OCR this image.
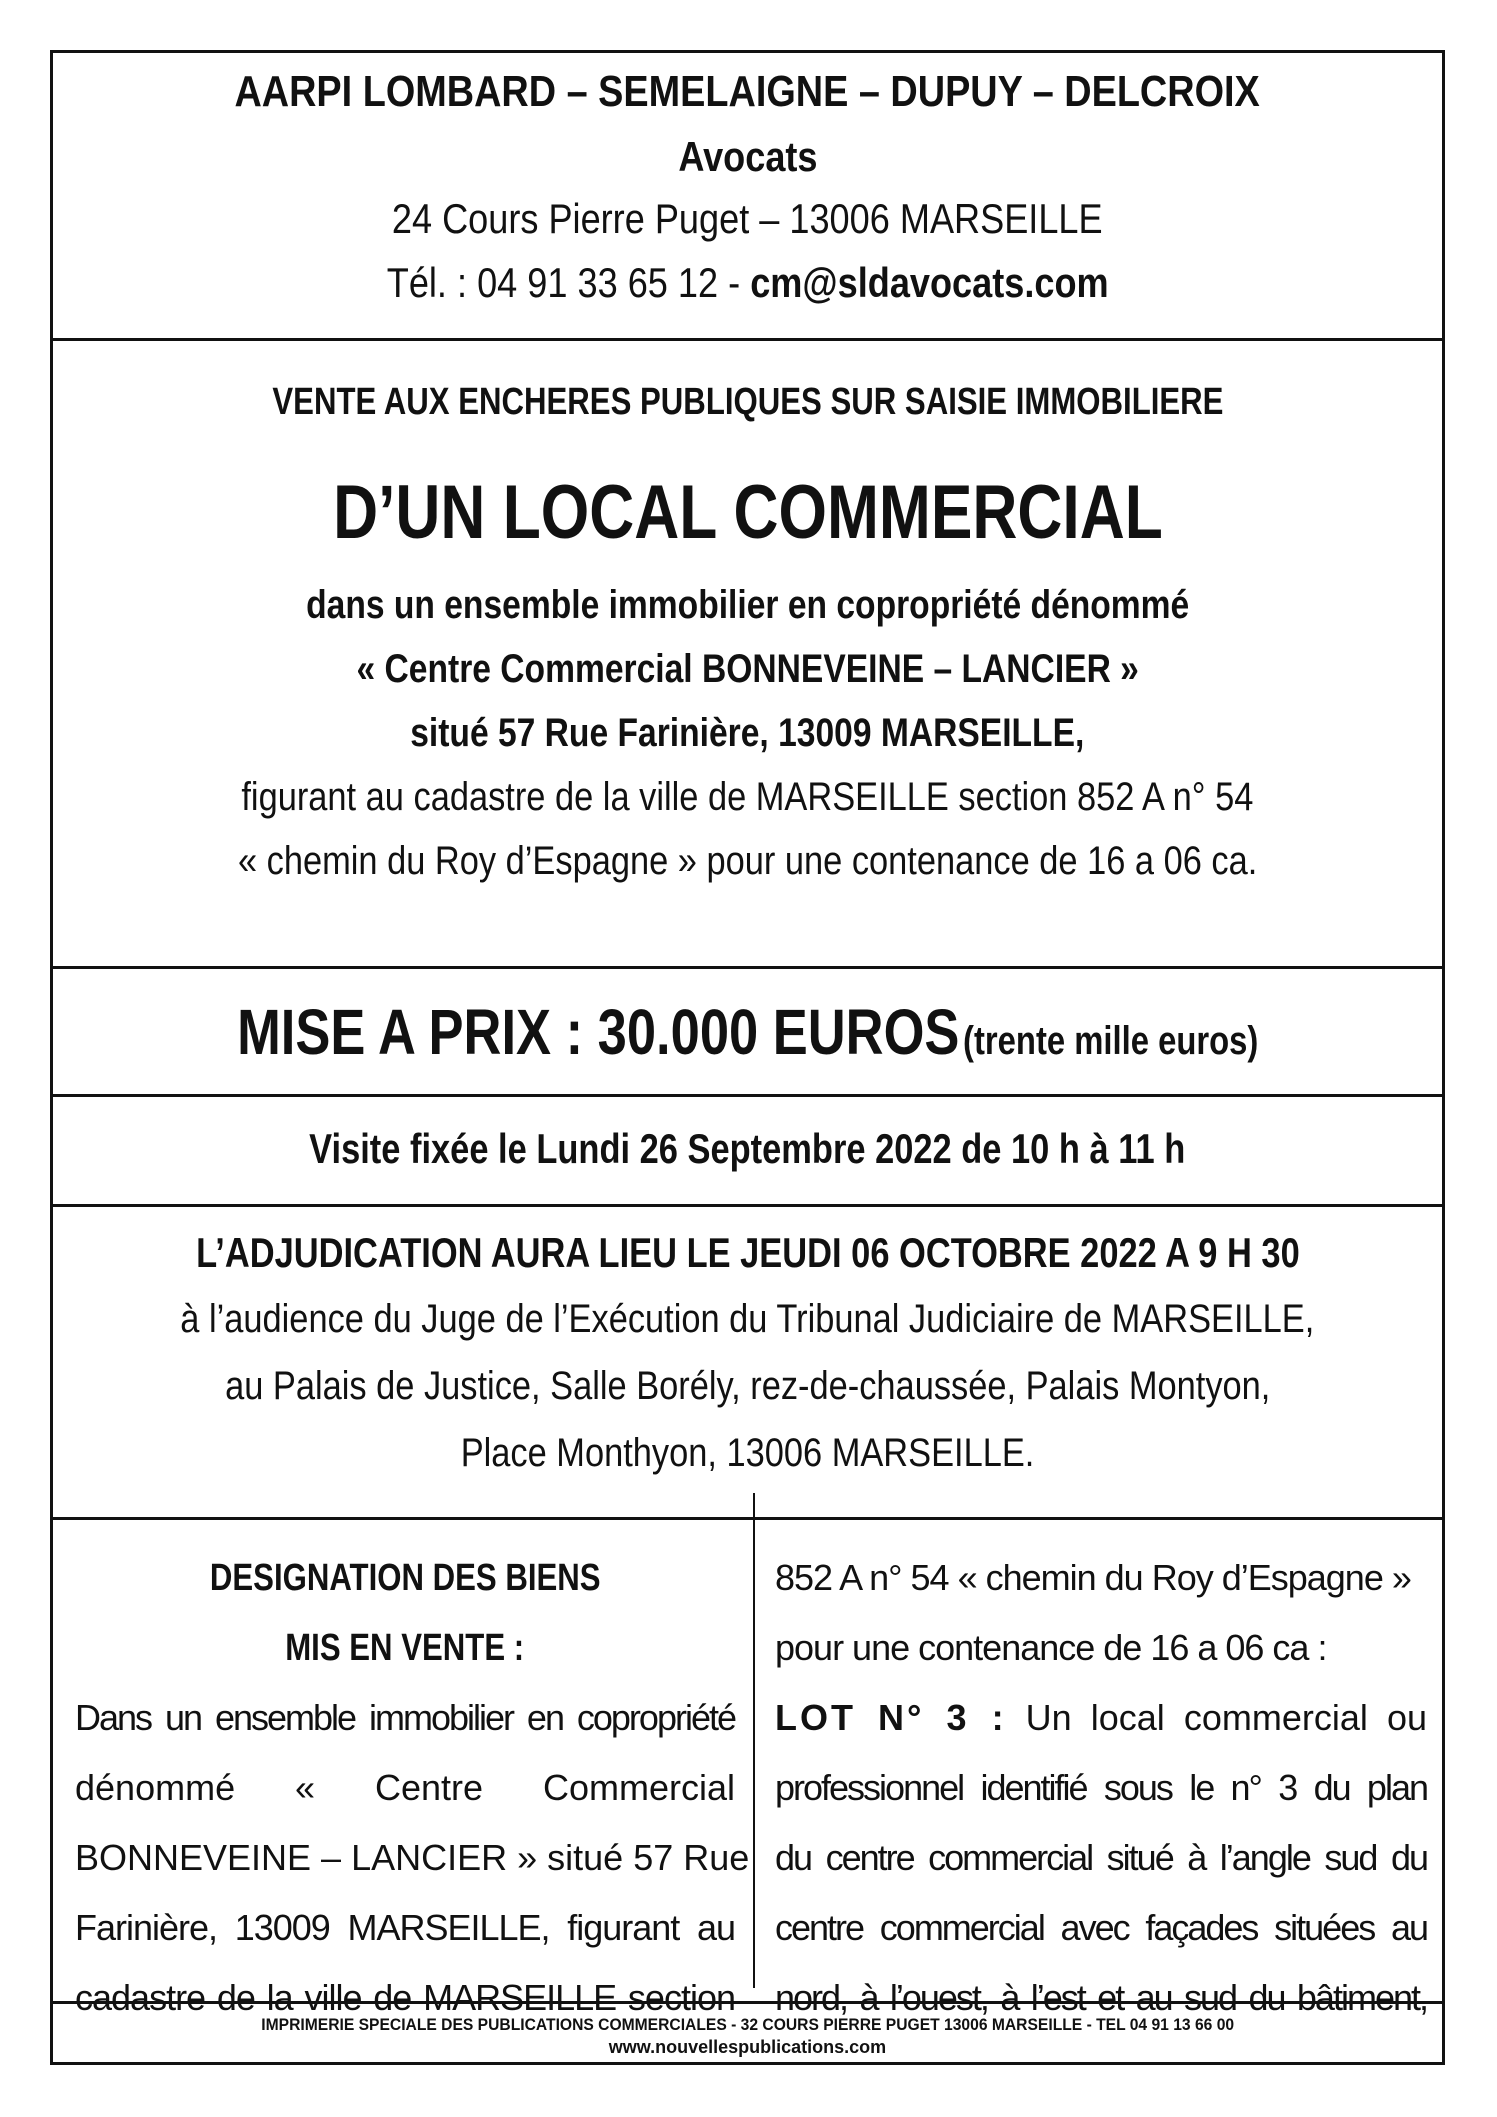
AARPI LOMBARD – SEMELAIGNE – DUPUY – DELCROIX
Avocats
24 Cours Pierre Puget – 13006 MARSEILLE
Tél. : 04 91 33 65 12 - cm@sldavocats.com
VENTE AUX ENCHERES PUBLIQUES SUR SAISIE IMMOBILIERE
D’UN LOCAL COMMERCIAL
dans un ensemble immobilier en copropriété dénommé
« Centre Commercial BONNEVEINE – LANCIER »
situé 57 Rue Farinière, 13009 MARSEILLE,
figurant au cadastre de la ville de MARSEILLE section 852 A n° 54
« chemin du Roy d’Espagne » pour une contenance de 16 a 06 ca.
MISE A PRIX : 30.000 EUROS (trente mille euros)
Visite fixée le Lundi 26 Septembre 2022 de 10 h à 11 h
L’ADJUDICATION AURA LIEU LE JEUDI 06 OCTOBRE 2022 A 9 H 30
à l’audience du Juge de l’Exécution du Tribunal Judiciaire de MARSEILLE,
au Palais de Justice, Salle Borély, rez-de-chaussée, Palais Montyon,
Place Monthyon, 13006 MARSEILLE.

DESIGNATION DES BIENS

MIS EN VENTE :

Dans un ensemble immobilier en copropriété

dénommé « Centre Commercial

BONNEVEINE – LANCIER » situé 57 Rue

Farinière, 13009 MARSEILLE, figurant au

cadastre de la ville de MARSEILLE section

852 A n° 54 « chemin du Roy d’Espagne »

pour une contenance de 16 a 06 ca :

LOT N° 3 : Un local commercial ou

professionnel identifié sous le n° 3 du plan

du centre commercial situé à l’angle sud du

centre commercial avec façades situées au

nord, à l’ouest, à l’est et au sud du bâtiment,

IMPRIMERIE SPECIALE DES PUBLICATIONS COMMERCIALES - 32 COURS PIERRE PUGET 13006 MARSEILLE - TEL 04 91 13 66 00
www.nouvellespublications.com
